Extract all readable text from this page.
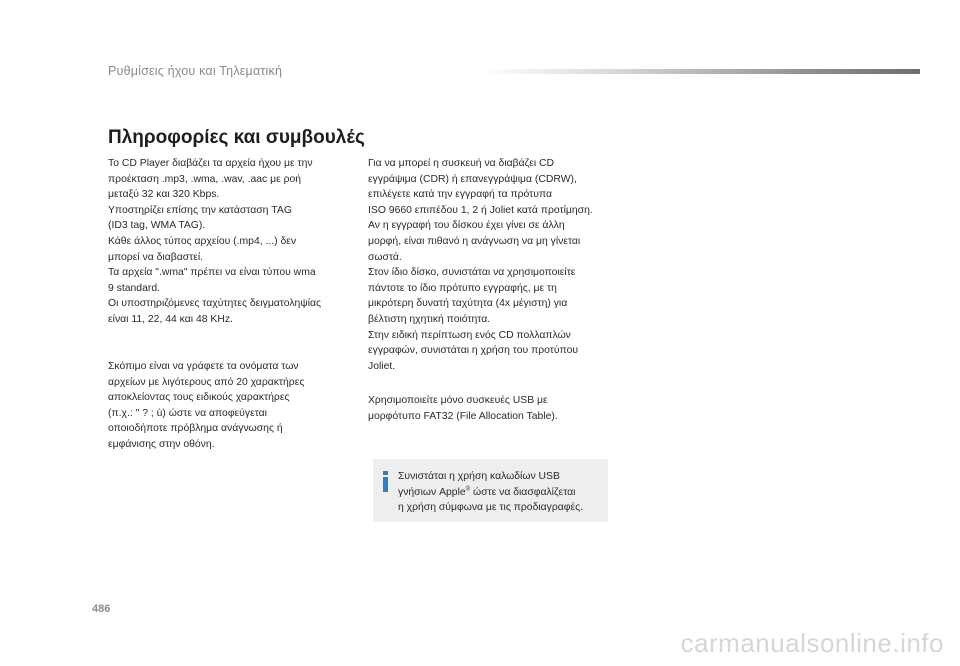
Ρυθμίσεις ήχου και Τηλεματική
Πληροφορίες και συμβουλές
Το CD Player διαβάζει τα αρχεία ήχου με την
προέκταση .mp3, .wma, .wav, .aac με ροή
μεταξύ 32 και 320 Kbps.
Υποστηρίζει επίσης την κατάσταση TAG
(ID3 tag, WMA TAG).
Κάθε άλλος τύπος αρχείου (.mp4, ...) δεν
μπορεί να διαβαστεί.
Τα αρχεία ".wma" πρέπει να είναι τύπου wma
9 standard.
Οι υποστηριζόμενες ταχύτητες δειγματοληψίας
είναι 11, 22, 44 και 48 KHz.
Σκόπιμο είναι να γράφετε τα ονόματα των
αρχείων με λιγότερους από 20 χαρακτήρες
αποκλείοντας τους ειδικούς χαρακτήρες
(π.χ.: " ? ; ù) ώστε να αποφεύγεται
οποιοδήποτε πρόβλημα ανάγνωσης ή
εμφάνισης στην οθόνη.
Για να μπορεί η συσκευή να διαβάζει CD
εγγράψιμα (CDR) ή επανεγγράψιμα (CDRW),
επιλέγετε κατά την εγγραφή τα πρότυπα
ISO 9660 επιπέδου 1, 2 ή Joliet κατά προτίμηση.
Αν η εγγραφή του δίσκου έχει γίνει σε άλλη
μορφή, είναι πιθανό η ανάγνωση να μη γίνεται
σωστά.
Στον ίδιο δίσκο, συνιστάται να χρησιμοποιείτε
πάντοτε το ίδιο πρότυπο εγγραφής, με τη
μικρότερη δυνατή ταχύτητα (4x μέγιστη) για
βέλτιστη ηχητική ποιότητα.
Στην ειδική περίπτωση ενός CD πολλαπλών
εγγραφών, συνιστάται η χρήση του προτύπου
Joliet.
Χρησιμοποιείτε μόνο συσκευές USB με
μορφότυπο FAT32 (File Allocation Table).
Συνιστάται η χρήση καλωδίων USB
γνήσιων Apple® ώστε να διασφαλίζεται
η χρήση σύμφωνα με τις προδιαγραφές.
486
carmanualsonline.info
